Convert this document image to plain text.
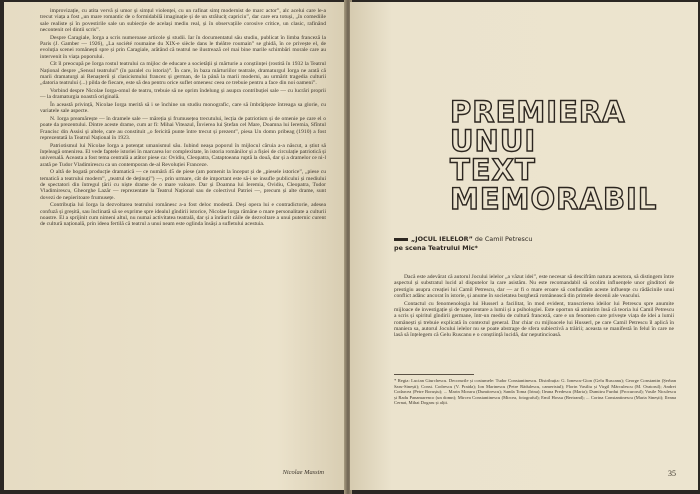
improvizație, cu atita vervă și umor și simțul violenței, cu un rafinat simț modernist de marc actor”, alc acelui care le-a trecut viața a fost „un mare romantic de o formidabilă imaginație și de un străluciț capriciu”, dar care era totuși, „în comediile sale realiste și în povestirile sale un subiecție de același mediu real, și în observațiile corosive critice, un clasic, rafinând necontenit cel dintii scris”.

Despre Caragiale, Iorga a scris numeroase articole și studii. Iar în documentatul său studiu, publicat în limba franceză la Paris (J. Gamber — 1926), „La société roumaine du XIX-e siècle dans le théâtre roumain” se ghidă, în ce privește el, de evoluția scenei românești spre și prin Caragiale, arătând că teatrul ne ilustrează cel mai bine marile schimbări morale care au intervenit în viața poporului.

Cît îl preocupă pe Iorga rostul teatrului ca mijloc de educare a societății și mărturie a conștiinței (rostită în 1932 la Teatrul Național despre „Sensul teatrului” (în paralel cu istoria)”. În care, în baza mărturiilor teatrale, dramaturgul Iorga ne arată că marii dramaturgi ai Renașterii și clasicismului francez și german, de la până la marii moderni, au urmărit tragedia culturii „datoria teatrului (...) pilda de fiecare, este să dea pentru orice suflet omenesc ceea ce trebuie pentru a face din noi oameni”.

Vorbind despre Nicolae Iorga-omul de teatru, trebuie să ne oprim îndelung și asupra contribuției sale — cu lucrări proprii — la dramaturgia noastră originală.

În această privință, Nicolae Iorga merită să i se închine un studiu monografic, care să îmbrățișeze întreaga sa glorie, cu variatele sale aspecte.

N. Iorga preamărește — în dramele sale — măreția și frumusețea trecutului, lecția de patriotism și de omenie pe care el o poate da prezentului. Dintre aceste drame, cum ar fi: Mihai Viteazul, Învierea lui Ștefan cel Mare, Doamna lui Ieremia, Sfîntul Francisc din Assisi și altele, care au constituit „o fericită punte între trecut și prezent”, piesa Un domn pribeag (1910) a fost reprezentată la Teatrul Național în 1923.

Patriotismul lui Nicolae Iorga a potențat umanismul său. Iubind neașa poporul în mijlocul căruia a-a născut, a știut să înțeleagă omenirea. El vede faptele istoriei în marcarea lor complexitate, în istoria românilor și a fișiei de circulație patriotică și universală. Aceasta a fost tema centrală a atâtor piese ca: Ovidiu, Cleopatra, Cataptoeana ruptă la două, dar și a dramelor ce ni-l arată pe Tudor Vladimirescu ca un contemporan de-al Revoluției Franceze.

O altă de bogată producție dramatică — ce numără 45 de piese (am pomenit la început și de „piesele istorice”, „piese cu tematică a teatrului modern”, „teatrul de deținuți”) —, prin urmare, cât de important este să-i se insufle publicului și mediului de spectatori din întregul țării cu niște drame de o mare valoare. Dar și Doamna lui Ieremia, Ovidiu, Cleopatra, Tudor Vladimirescu, Gheorghe Lazăr — reprezentate la Teatrul Național sau de colectivul Patriei —, precum și alte drame, sunt dovezi de nepieritoare frumusețe.

Contribuția lui Iorga la dezvoltarea teatrului românesc a-a fost deloc modestă. Deși opera lui e contradictorie, adesea confuză și greșită, sau înclinată să se exprime spre idealul gîndirii istorice, Nicolae Iorga rămâne o mare personalitate a culturii noastre. El a sprijinit cum nimeni altul, nu numai activitatea teatrală, dar și a înrâurit căile de dezvoltare a unui puternic curent de cultură națională, prin ideea fertilă că teatrul a unui neam este oglinda însăși a sufletului acestuia.

Nicolae Massim
PREMIERA
UNUI
TEXT
MEMORABIL
„JOCUL IELELOR” de Camil Petrescu
pe scena Teatrului Mic*

Dacă este adevărat că autorul Jocului ielelor „a văzut idei”, este necesar să descifrăm natura acestora, să distingem între aspectul și substratul lucid al disputelor la care asistăm. Nu este recomandabil să ocolim influențele unor gînditori de prestigiu asupra creației lui Camil Petrescu, dar — ar fi o mare eroare să confundăm aceste influențe cu rădăcinile unui conflict adânc ancorat în istorie, și anume în societatea burgheză românească din primele decenii ale veacului.

Contactul cu fenomenologia lui Husserl a facilitat, în mod evident, transcrierea ideilor lui Petrescu spre anumite mijloace de investigație și de reprezentare a lumii și a psihologiei. Este oportun să amintim însă că teoria lui Camil Petrescu a scris și spiritul gîndirii germane, într-un mediu de cultură franceză, care e un fenomen care privește viața de idei a lumii românești și trebuie explicată în contextul general. Dar chiar cu mijloacele lui Husserl, pe care Camil Petrescu îl aplică în maniera sa, autorul Jocului ielelor nu se poate abstrage de sfera subiectivă a trăirii; aceasta se manifestă în felul în care ne lasă să înțelegem că Gelu Ruscanu e o conștiință lucidă, dar neputincioasă.

* Regia: Lucian Giurchescu. Decorurile și costumele: Tudor Constantinescu. Distribuția: G. Ionescu-Gion (Gelu Ruscanu); George Constantin (Șerban Saru-Sinești); Const. Codrescu (V. Praida); Ion Marinescu (Petre Rădulescu, cameristul); Florin Vasiliu și Virgil Mărculescu (M. Oratorul); Andrei Codarcea (Petre Borușiu); ... Marin Moraru (Dumitrescu); Sanda Toma (Irina); Ileana Predescu (Maria); Dumitru Furdui (Procurorul); Vasile Niculescu și Radu Panamarenco (un domn); Mircea Constantinescu (Mircea, fotograful); Emil Hossu (Bertrand); ... Corina Constantinescu (Maria Sinești); Ileana Cernat, Mihai Dogaru și alții.
35
